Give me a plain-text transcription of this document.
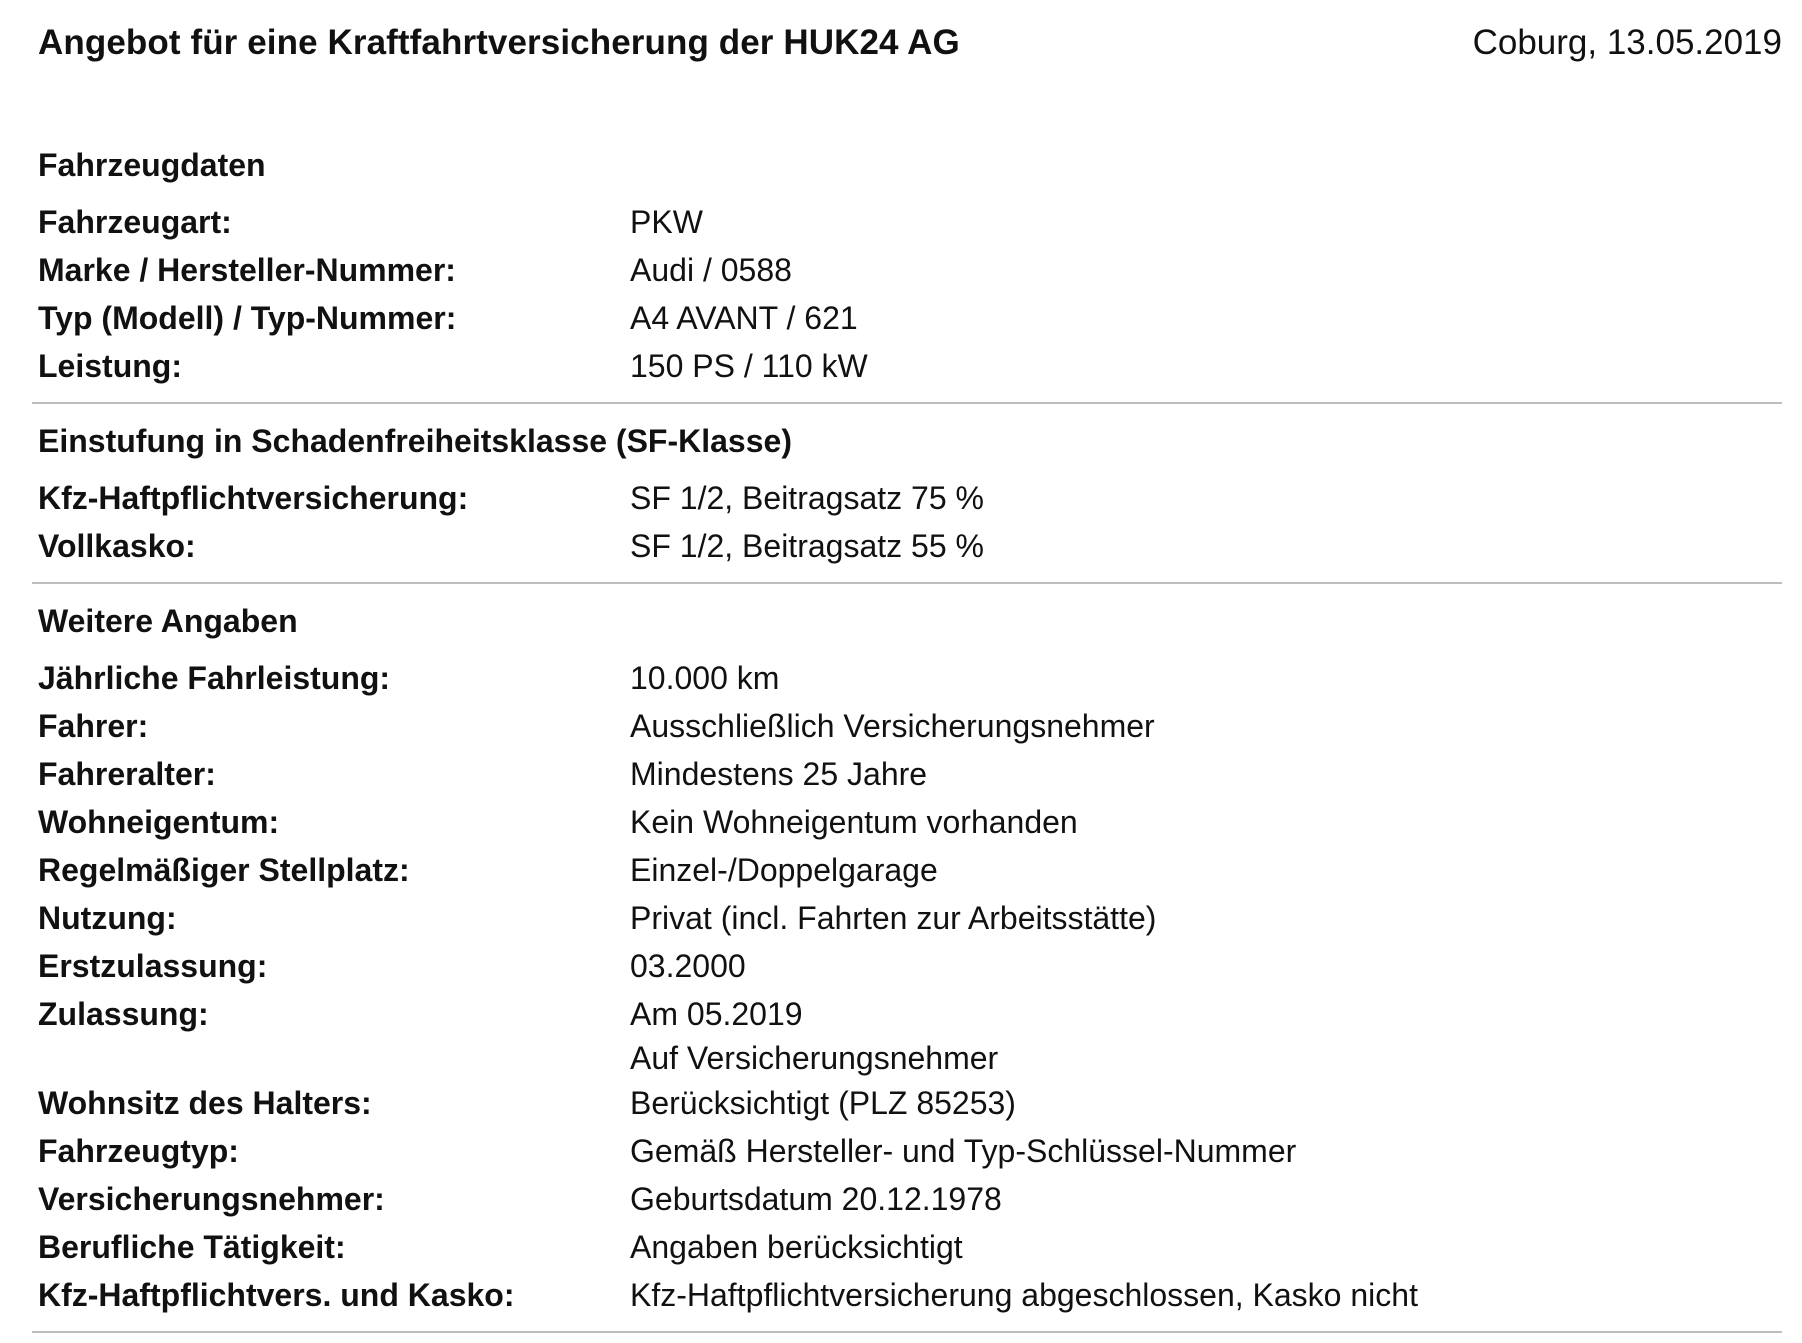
Angebot für eine Kraftfahrtversicherung der HUK24 AG	Coburg, 13.05.2019
Fahrzeugdaten
Fahrzeugart:	PKW
Marke / Hersteller-Nummer:	Audi / 0588
Typ (Modell) / Typ-Nummer:	A4 AVANT / 621
Leistung:	150 PS / 110 kW
Einstufung in Schadenfreiheitsklasse (SF-Klasse)
Kfz-Haftpflichtversicherung:	SF 1/2, Beitragsatz 75 %
Vollkasko:	SF 1/2, Beitragsatz 55 %
Weitere Angaben
Jährliche Fahrleistung:	10.000 km
Fahrer:	Ausschließlich Versicherungsnehmer
Fahreralter:	Mindestens 25 Jahre
Wohneigentum:	Kein Wohneigentum vorhanden
Regelmäßiger Stellplatz:	Einzel-/Doppelgarage
Nutzung:	Privat (incl. Fahrten zur Arbeitsstätte)
Erstzulassung:	03.2000
Zulassung:	Am 05.2019
Auf Versicherungsnehmer
Wohnsitz des Halters:	Berücksichtigt (PLZ 85253)
Fahrzeugtyp:	Gemäß Hersteller- und Typ-Schlüssel-Nummer
Versicherungsnehmer:	Geburtsdatum 20.12.1978
Berufliche Tätigkeit:	Angaben berücksichtigt
Kfz-Haftpflichtvers. und Kasko:	Kfz-Haftpflichtversicherung abgeschlossen, Kasko nicht
